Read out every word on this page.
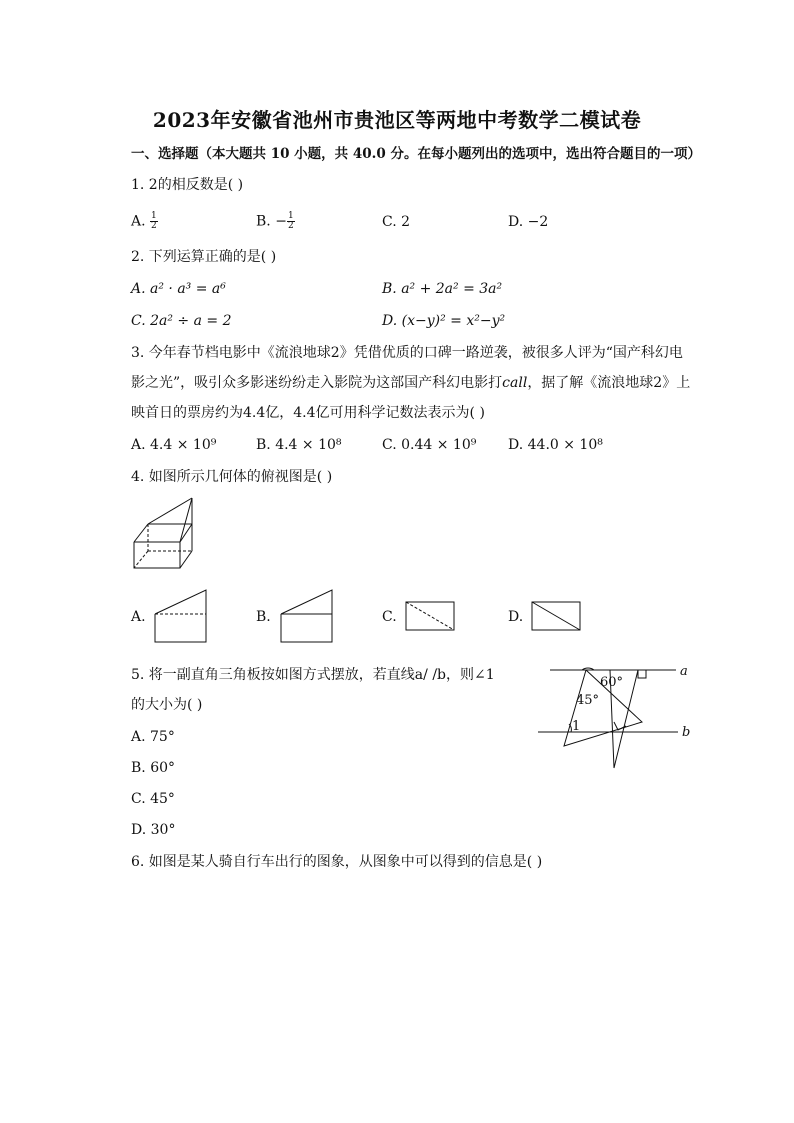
2023年安徽省池州市贵池区等两地中考数学二模试卷
一、选择题（本大题共 10 小题，共 40.0 分。在每小题列出的选项中，选出符合题目的一项）
1. 2的相反数是( )
A. $\frac{1}{2}$	B. − $\frac{1}{2}$	C. 2	D. −2
2. 下列运算正确的是( )
A. a² · a³ = a⁶	B. a² + 2a² = 3a²
C. 2a² ÷ a = 2	D. (x−y)² = x²−y²
3. 今年春节档电影中《流浪地球2》凭借优质的口碑一路逆袭，被很多人评为“国产科幻电
影之光”，吸引众多影迷纷纷走入影院为这部国产科幻电影打call，据了解《流浪地球2》上
映首日的票房约为4.4亿，4.4亿可用科学记数法表示为( )
A. 4.4 × 10⁹	B. 4.4 × 10⁸	C. 0.44 × 10⁹ D. 44.0 × 10⁸
4. 如图所示几何体的俯视图是( )
A.	B.	C.	D.
5. 将一副直角三角板按如图方式摆放，若直线a/ /b，则∠1
的大小为( )
A. 75°
B. 60°
C. 45°
D. 30°
60°
45°
1
a
b
6. 如图是某人骑自行车出行的图象，从图象中可以得到的信息是( )
